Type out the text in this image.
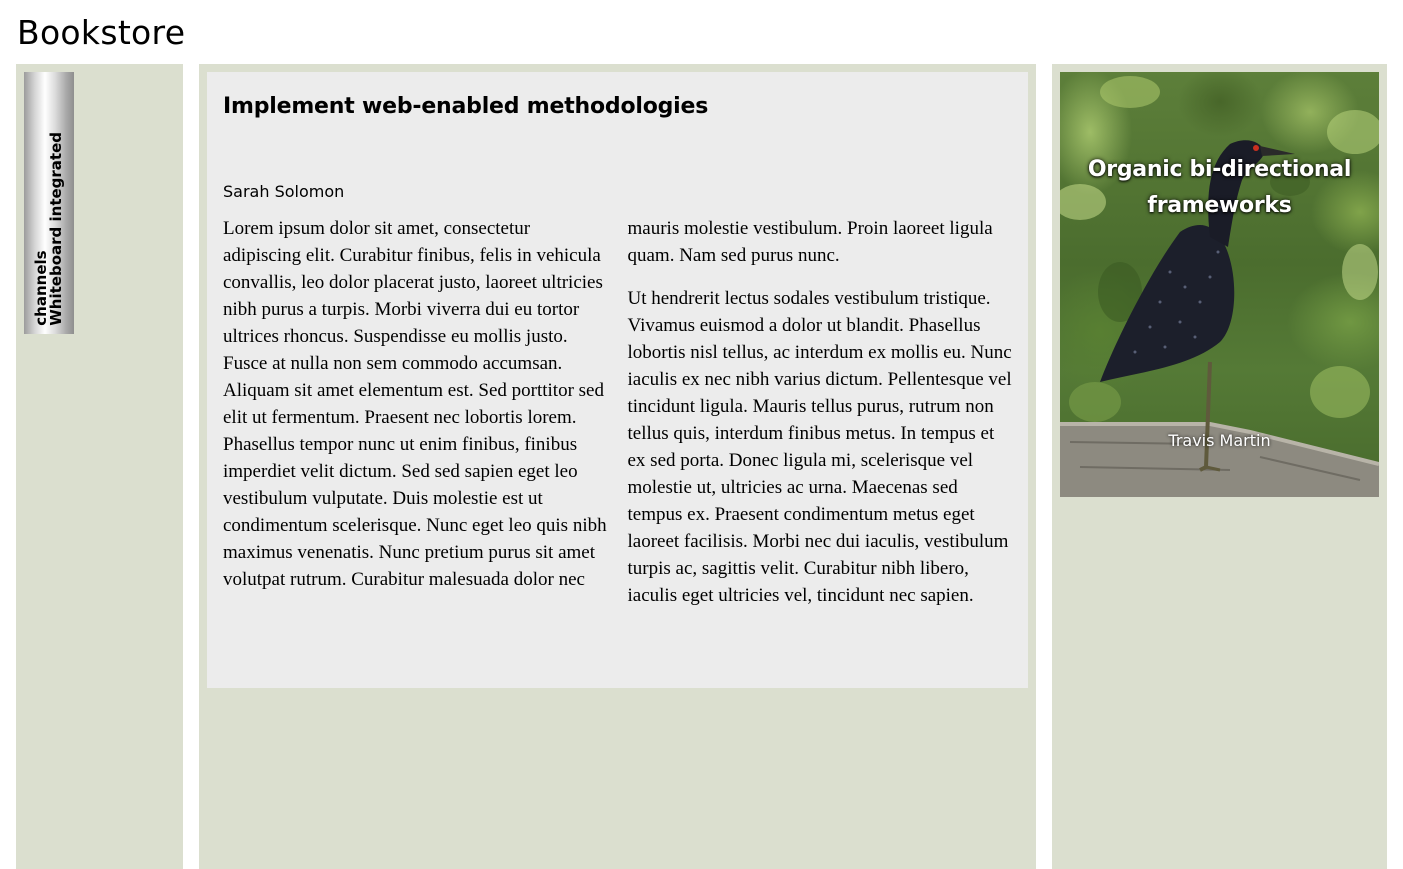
Bookstore
channels
Whiteboard integrated
Implement web-enabled methodologies
Sarah Solomon

Lorem ipsum dolor sit amet, consectetur adipiscing elit. Curabitur finibus, felis in vehicula convallis, leo dolor placerat justo, laoreet ultricies nibh purus a turpis. Morbi viverra dui eu tortor ultrices rhoncus. Suspendisse eu mollis justo. Fusce at nulla non sem commodo accumsan. Aliquam sit amet elementum est. Sed porttitor sed elit ut fermentum. Praesent nec lobortis lorem. Phasellus tempor nunc ut enim finibus, finibus imperdiet velit dictum. Sed sed sapien eget leo vestibulum vulputate. Duis molestie est ut condimentum scelerisque. Nunc eget leo quis nibh maximus venenatis. Nunc pretium purus sit amet volutpat rutrum. Curabitur malesuada dolor nec mauris molestie vestibulum. Proin laoreet ligula quam. Nam sed purus nunc.

Ut hendrerit lectus sodales vestibulum tristique. Vivamus euismod a dolor ut blandit. Phasellus lobortis nisl tellus, ac interdum ex mollis eu. Nunc iaculis ex nec nibh varius dictum. Pellentesque vel tincidunt ligula. Mauris tellus purus, rutrum non tellus quis, interdum finibus metus. In tempus et ex sed porta. Donec ligula mi, scelerisque vel molestie ut, ultricies ac urna. Maecenas sed tempus ex. Praesent condimentum metus eget laoreet facilisis. Morbi nec dui iaculis, vestibulum turpis ac, sagittis velit. Curabitur nibh libero, iaculis eget ultricies vel, tincidunt nec sapien.

Organic bi-directional frameworks
Travis Martin
